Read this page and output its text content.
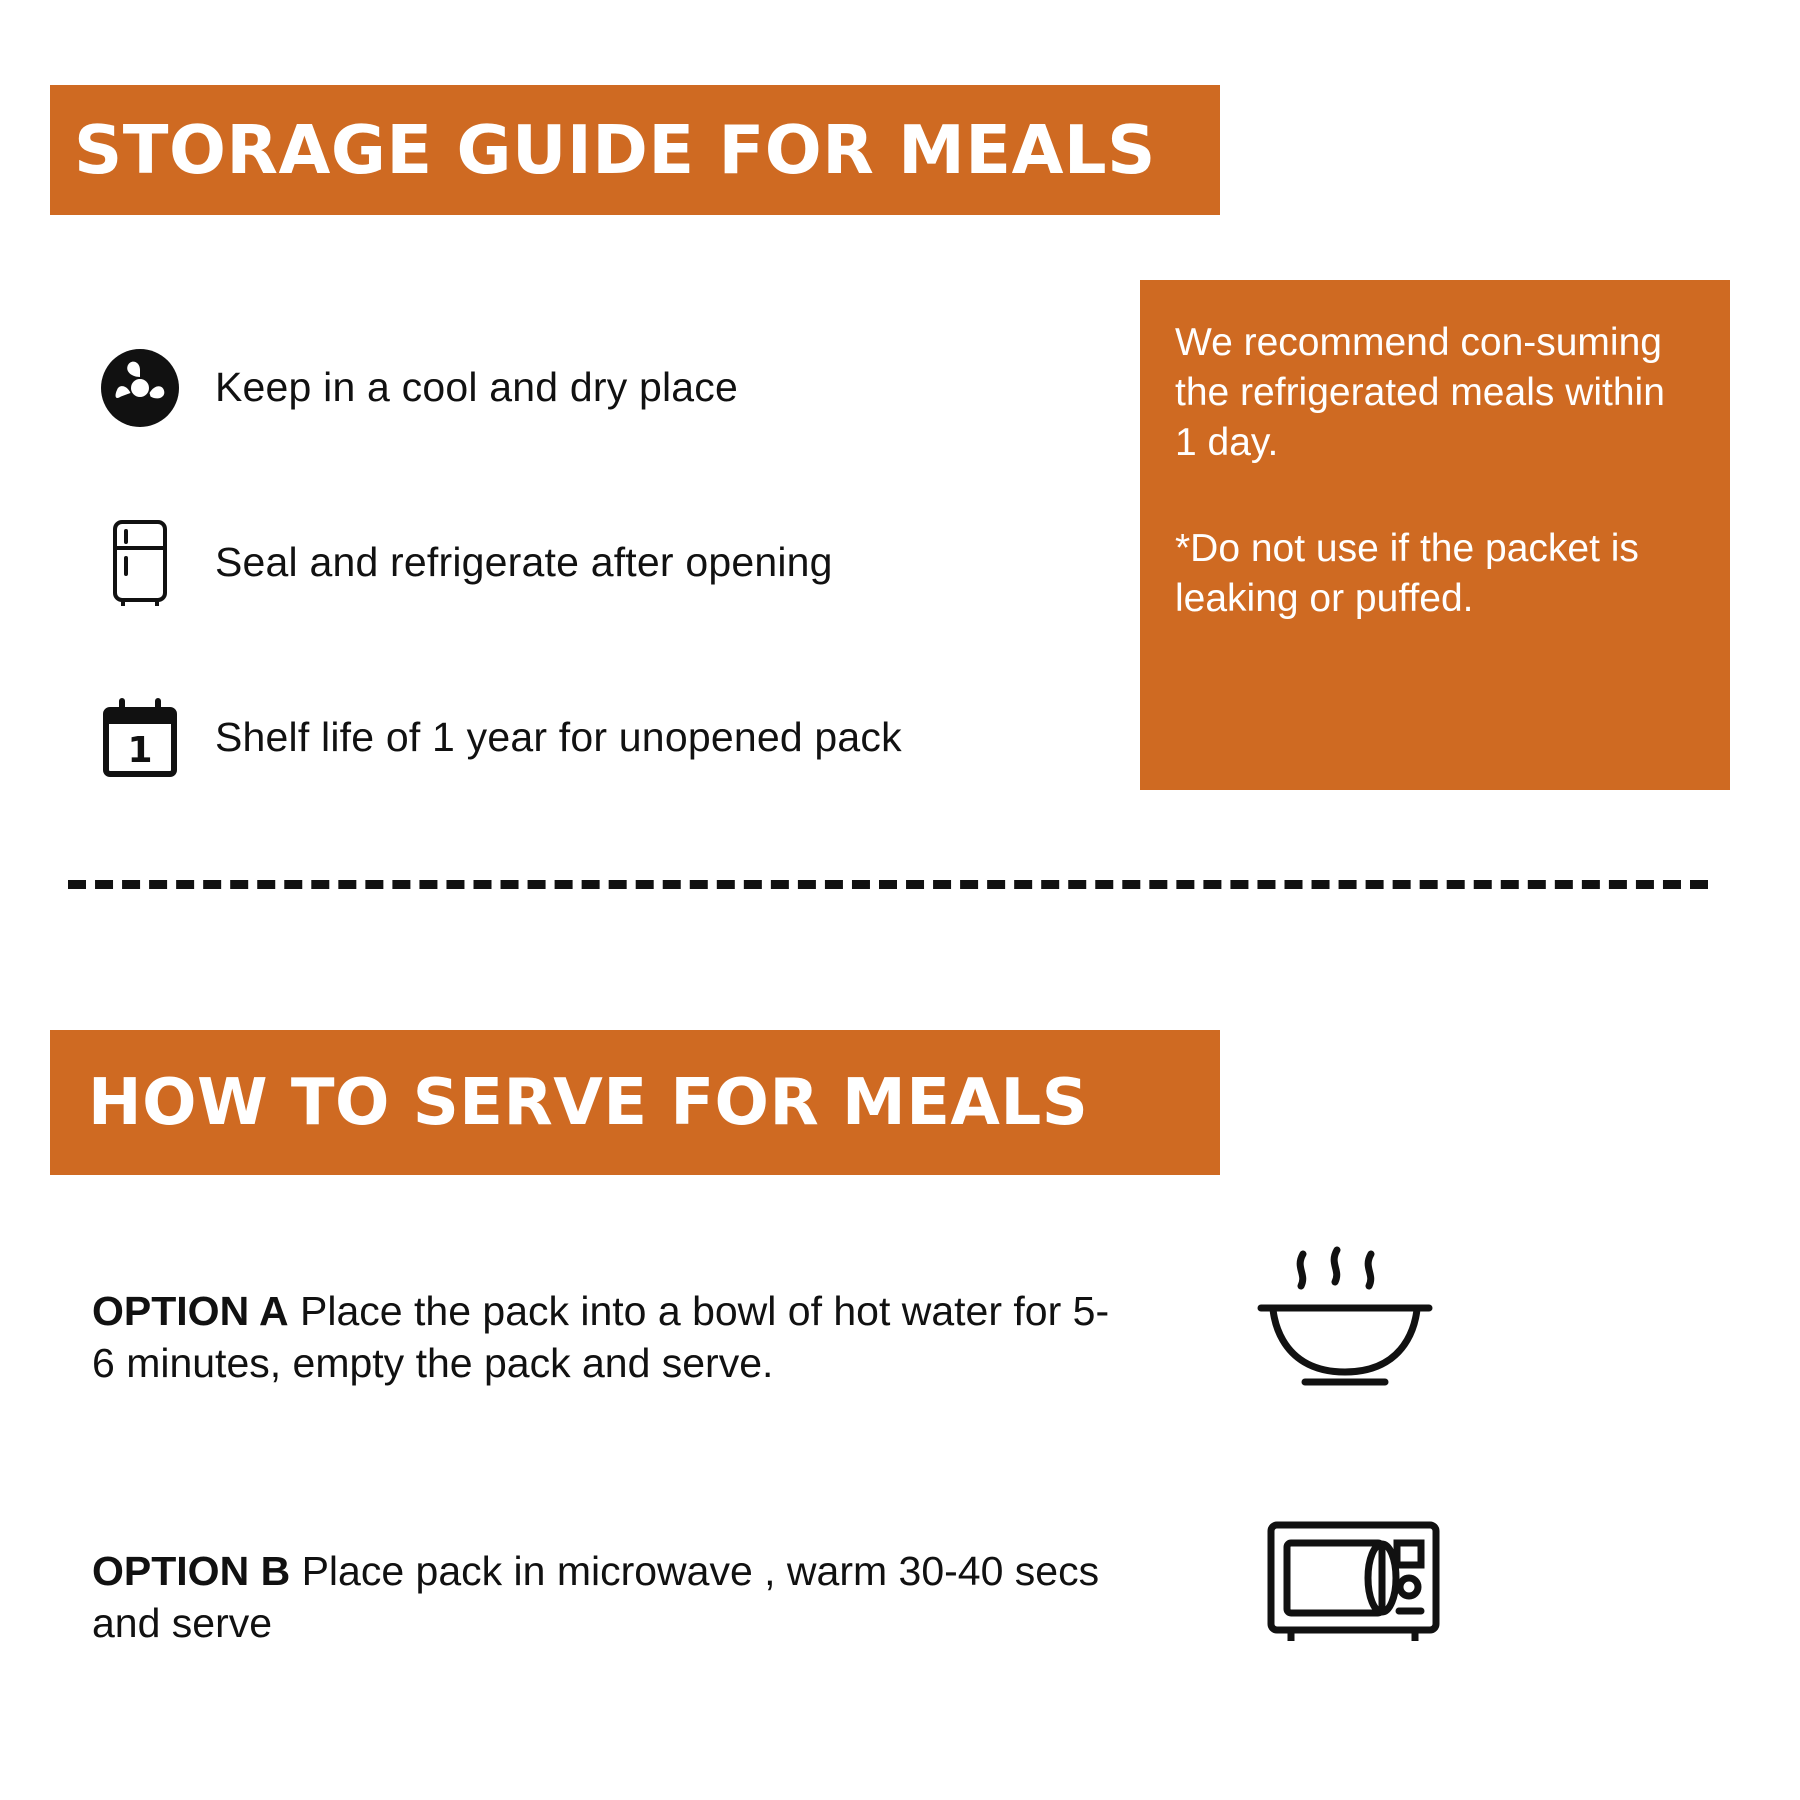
STORAGE GUIDE FOR MEALS
Keep in a cool and dry place
Seal and refrigerate after opening
1	Shelf life of 1 year for unopened pack

We recommend con-suming the refrigerated meals within

1 day.

*Do not use if the packet is leaking or puffed.

HOW TO SERVE FOR MEALS

OPTION A Place the pack into a bowl of hot water for 5-6 minutes, empty the pack and serve.

OPTION B Place pack in microwave , warm 30-40 secs and serve
